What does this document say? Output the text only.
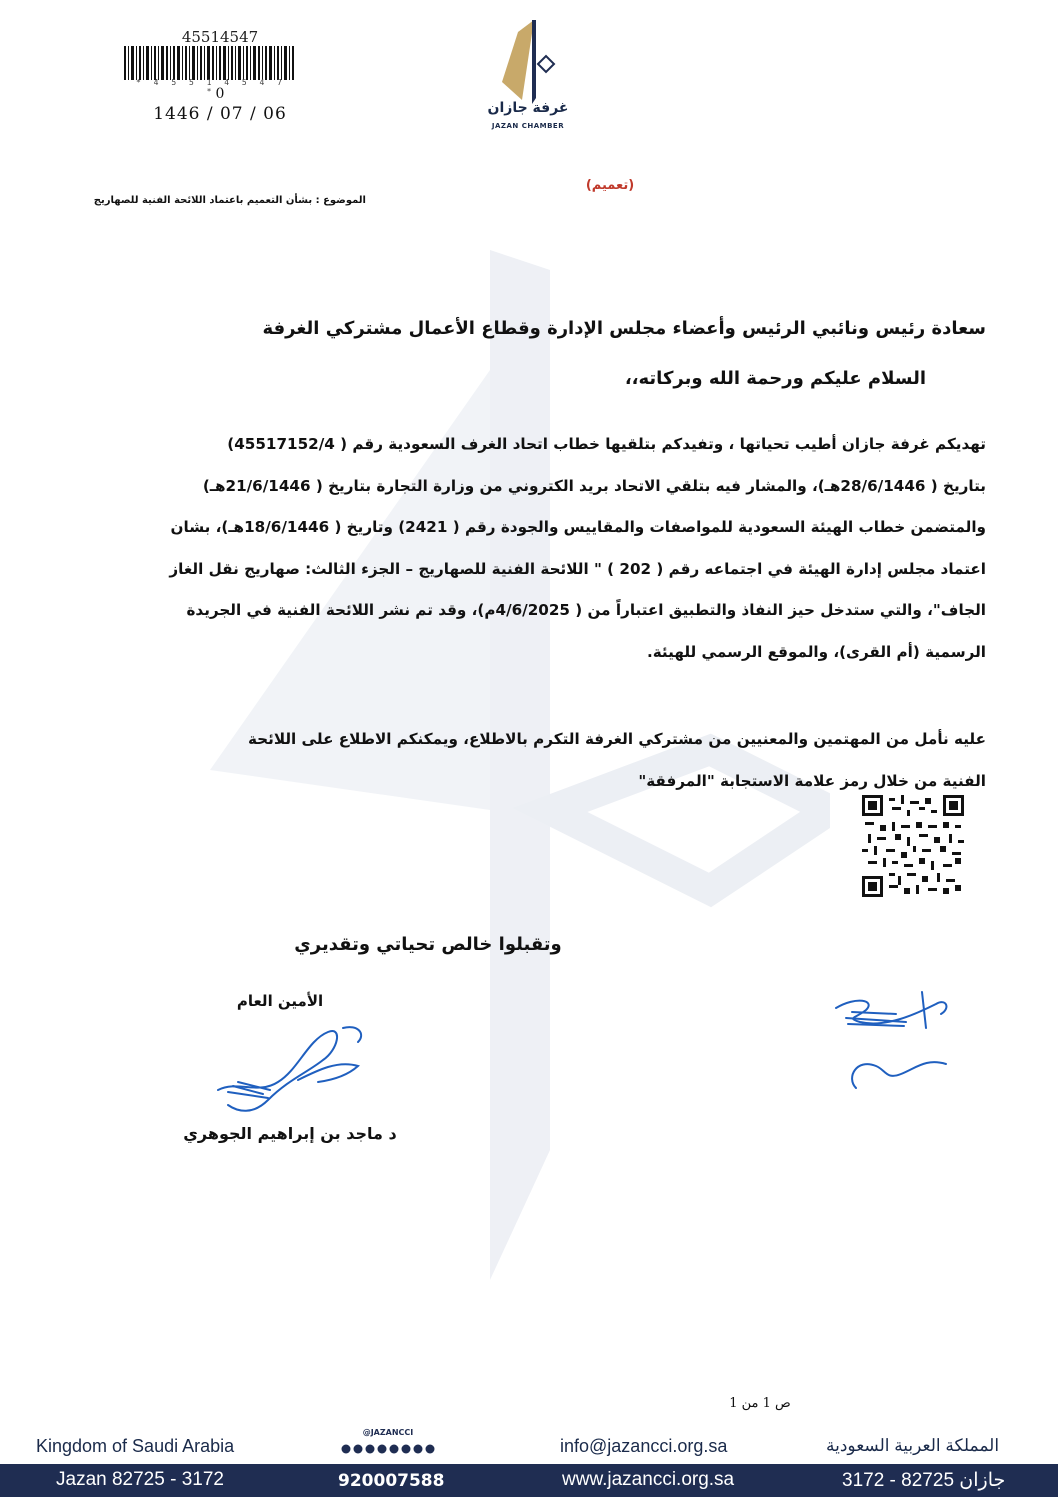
45514547
* 4 5 5 1 4 5 4 7 * 0
1446 / 07 / 06	غرفة جازان
JAZAN CHAMBER
(تعميم)
الموضوع : بشأن التعميم باعتماد اللائحة الفنية للصهاريج
سعادة رئيس ونائبي الرئيس وأعضاء مجلس الإدارة وقطاع الأعمال مشتركي الغرفة
السلام عليكم ورحمة الله وبركاته،،
تهديكم غرفة جازان أطيب تحياتها ، وتفيدكم بتلقيها خطاب اتحاد الغرف السعودية رقم ( 45517152/4)
بتاريخ ( 28/6/1446هـ)، والمشار فيه بتلقي الاتحاد بريد الكتروني من وزارة التجارة بتاريخ ( 21/6/1446هـ)
والمتضمن خطاب الهيئة السعودية للمواصفات والمقاييس والجودة رقم ( 2421) وتاريخ ( 18/6/1446هـ)، بشان
اعتماد مجلس إدارة الهيئة في اجتماعه رقم ( 202 ) " اللائحة الفنية للصهاريج – الجزء الثالث: صهاريج نقل الغاز
الجاف"، والتي ستدخل حيز النفاذ والتطبيق اعتباراً من ( 4/6/2025م)، وقد تم نشر اللائحة الفنية في الجريدة
الرسمية (أم القرى)، والموقع الرسمي للهيئة.
عليه نأمل من المهتمين والمعنيين من مشتركي الغرفة التكرم بالاطلاع، ويمكنكم الاطلاع على اللائحة
الفنية من خلال رمز علامة الاستجابة "المرفقة"
وتقبلوا خالص تحياتي وتقديري
الأمين العام
د ماجد بن إبراهيم الجوهري
ص 1 من 1
Kingdom of Saudi Arabia
@JAZANCCI
info@jazancci.org.sa	المملكة العربية السعودية
Jazan 82725 - 3172	920007588	www.jazancci.org.sa	جازان 82725 - 3172
